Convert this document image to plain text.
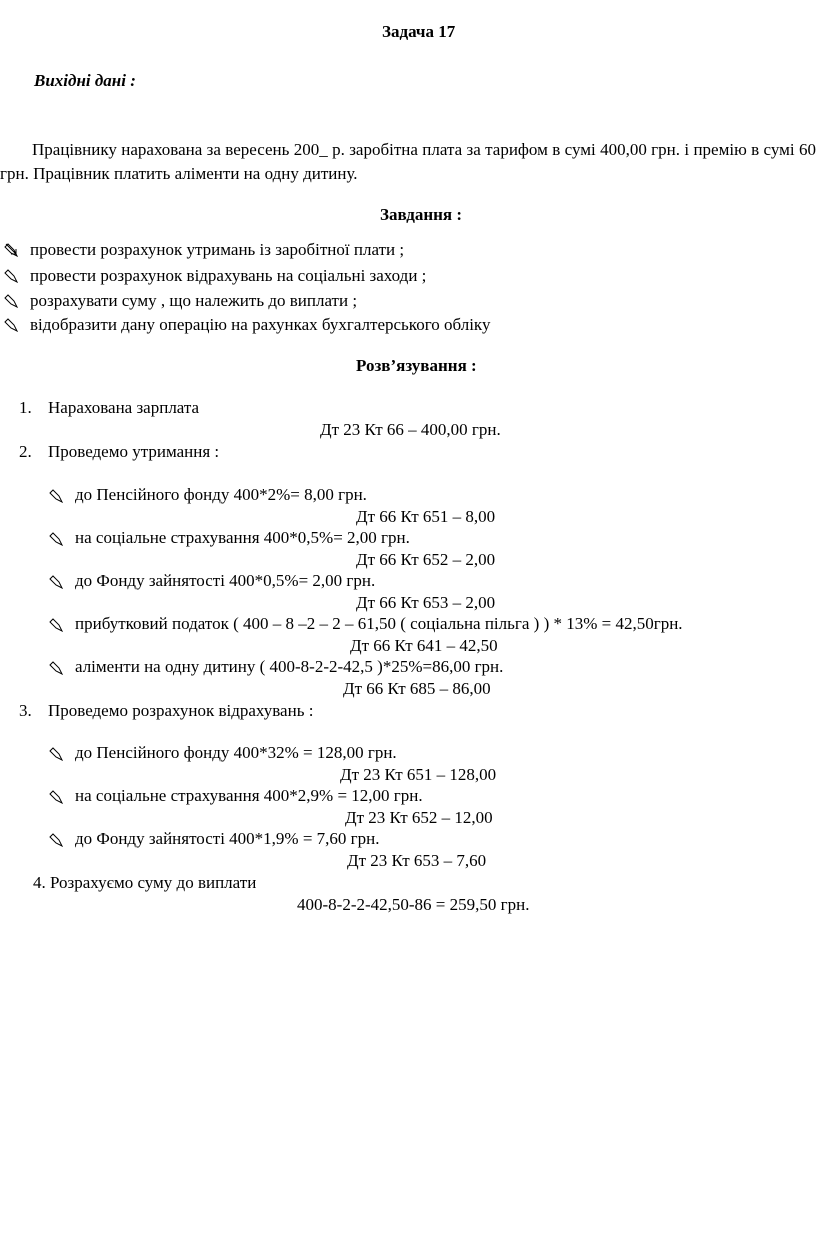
Задача 17
Вихідні дані :
Працівнику нарахована за вересень 200_ р. заробітна плата за тарифом в сумі 400,00 грн. і премію в сумі 60 грн. Працівник платить аліменти на одну дитину.
Завдання :
провести розрахунок утримань із заробітної плати ;
провести розрахунок відрахувань на соціальні заходи ;
розрахувати суму , що належить до виплати ;
відобразити дану операцію на рахунках бухгалтерського обліку
Розв’язування :
1. Нарахована зарплата
Дт 23 Кт 66 – 400,00 грн.
2. Проведемо утримання :
до Пенсійного фонду 400*2%= 8,00 грн.
Дт 66 Кт 651 – 8,00
на соціальне страхування 400*0,5%= 2,00 грн.
Дт 66 Кт 652 – 2,00
до Фонду зайнятості 400*0,5%= 2,00 грн.
Дт 66 Кт 653 – 2,00
прибутковий податок ( 400 – 8 –2 – 2 – 61,50 ( соціальна пільга ) ) * 13% = 42,50грн.
Дт 66 Кт 641 – 42,50
аліменти на одну дитину ( 400-8-2-2-42,5 )*25%=86,00 грн.
Дт 66 Кт 685 – 86,00
3. Проведемо розрахунок відрахувань :
до Пенсійного фонду 400*32% = 128,00 грн.
Дт 23 Кт 651 – 128,00
на соціальне страхування 400*2,9% = 12,00 грн.
Дт 23 Кт 652 – 12,00
до Фонду зайнятості 400*1,9% = 7,60 грн.
Дт 23 Кт 653 – 7,60
4. Розрахуємо суму до виплати
400-8-2-2-42,50-86 = 259,50 грн.
